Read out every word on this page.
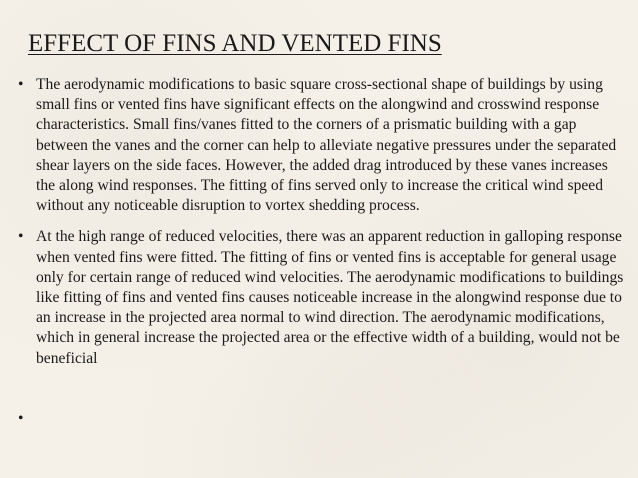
EFFECT OF FINS AND VENTED FINS
• The aerodynamic modifications to basic square cross-sectional shape of buildings by using small fins or vented fins have significant effects on the alongwind and crosswind response characteristics. Small fins/vanes fitted to the corners of a prismatic building with a gap between the vanes and the corner can help to alleviate negative pressures under the separated shear layers on the side faces. However, the added drag introduced by these vanes increases the along wind responses. The fitting of fins served only to increase the critical wind speed without any noticeable disruption to vortex shedding process.
• At the high range of reduced velocities, there was an apparent reduction in galloping response when vented fins were fitted. The fitting of fins or vented fins is acceptable for general usage only for certain range of reduced wind velocities. The aerodynamic modifications to buildings like fitting of fins and vented fins causes noticeable increase in the alongwind response due to an increase in the projected area normal to wind direction. The aerodynamic modifications, which in general increase the projected area or the effective width of a building, would not be beneficial
•
